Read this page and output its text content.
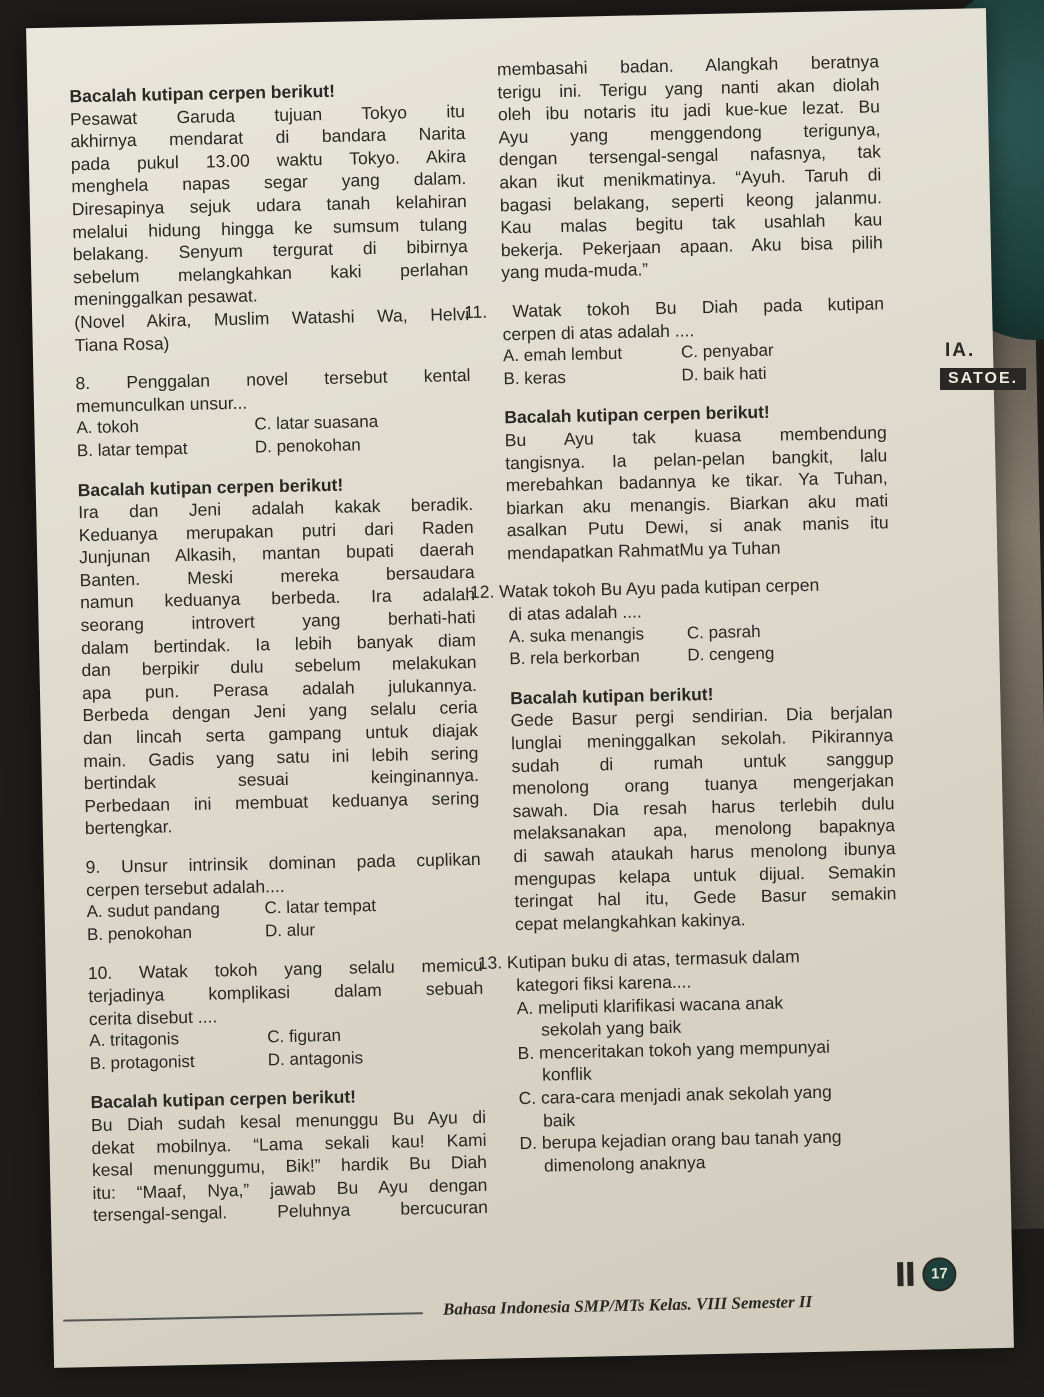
Bacalah kutipan cerpen berikut!
Pesawat Garuda tujuan Tokyo itu
akhirnya mendarat di bandara Narita
pada pukul 13.00 waktu Tokyo. Akira
menghela napas segar yang dalam.
Diresapinya sejuk udara tanah kelahiran
melalui hidung hingga ke sumsum tulang
belakang. Senyum tergurat di bibirnya
sebelum melangkahkan kaki perlahan
meninggalkan pesawat.
(Novel Akira, Muslim Watashi Wa, Helvi
Tiana Rosa)
8. Penggalan novel tersebut kental
memunculkan unsur...
A. tokoh	C. latar suasana
B. latar tempat	D. penokohan
Bacalah kutipan cerpen berikut!
Ira dan Jeni adalah kakak beradik.
Keduanya merupakan putri dari Raden
Junjunan Alkasih, mantan bupati daerah
Banten. Meski mereka bersaudara
namun keduanya berbeda. Ira adalah
seorang introvert yang berhati-hati
dalam bertindak. Ia lebih banyak diam
dan berpikir dulu sebelum melakukan
apa pun. Perasa adalah julukannya.
Berbeda dengan Jeni yang selalu ceria
dan lincah serta gampang untuk diajak
main. Gadis yang satu ini lebih sering
bertindak sesuai keinginannya.
Perbedaan ini membuat keduanya sering
bertengkar.
9. Unsur intrinsik dominan pada cuplikan
cerpen tersebut adalah....
A. sudut pandang	C. latar tempat
B. penokohan	D. alur
10. Watak tokoh yang selalu memicu
terjadinya komplikasi dalam sebuah
cerita disebut ....
A. tritagonis	C. figuran
B. protagonist	D. antagonis
Bacalah kutipan cerpen berikut!
Bu Diah sudah kesal menunggu Bu Ayu di
dekat mobilnya. “Lama sekali kau! Kami
kesal menunggumu, Bik!” hardik Bu Diah
itu: “Maaf, Nya,” jawab Bu Ayu dengan
tersengal-sengal. Peluhnya bercucuran
membasahi badan. Alangkah beratnya
terigu ini. Terigu yang nanti akan diolah
oleh ibu notaris itu jadi kue-kue lezat. Bu
Ayu yang menggendong terigunya,
dengan tersengal-sengal nafasnya, tak
akan ikut menikmatinya. “Ayuh. Taruh di
bagasi belakang, seperti keong jalanmu.
Kau malas begitu tak usahlah kau
bekerja. Pekerjaan apaan. Aku bisa pilih
yang muda-muda.”
11. Watak tokoh Bu Diah pada kutipan
cerpen di atas adalah ....
A. emah lembut	C. penyabar
B. keras	D. baik hati
Bacalah kutipan cerpen berikut!
Bu Ayu tak kuasa membendung
tangisnya. Ia pelan-pelan bangkit, lalu
merebahkan badannya ke tikar. Ya Tuhan,
biarkan aku menangis. Biarkan aku mati
asalkan Putu Dewi, si anak manis itu
mendapatkan RahmatMu ya Tuhan
12. Watak tokoh Bu Ayu pada kutipan cerpen
di atas adalah ....
A. suka menangis	C. pasrah
B. rela berkorban	D. cengeng
Bacalah kutipan berikut!
Gede Basur pergi sendirian. Dia berjalan
lunglai meninggalkan sekolah. Pikirannya
sudah di rumah untuk sanggup
menolong orang tuanya mengerjakan
sawah. Dia resah harus terlebih dulu
melaksanakan apa, menolong bapaknya
di sawah ataukah harus menolong ibunya
mengupas kelapa untuk dijual. Semakin
teringat hal itu, Gede Basur semakin
cepat melangkahkan kakinya.
13. Kutipan buku di atas, termasuk dalam
kategori fiksi karena....
A. meliputi klarifikasi wacana anak
sekolah yang baik
B. menceritakan tokoh yang mempunyai
konflik
C. cara-cara menjadi anak sekolah yang
baik
D. berupa kejadian orang bau tanah yang
dimenolong anaknya
Bahasa Indonesia SMP/MTs Kelas. VIII Semester II
17
IA.
SATOE.
